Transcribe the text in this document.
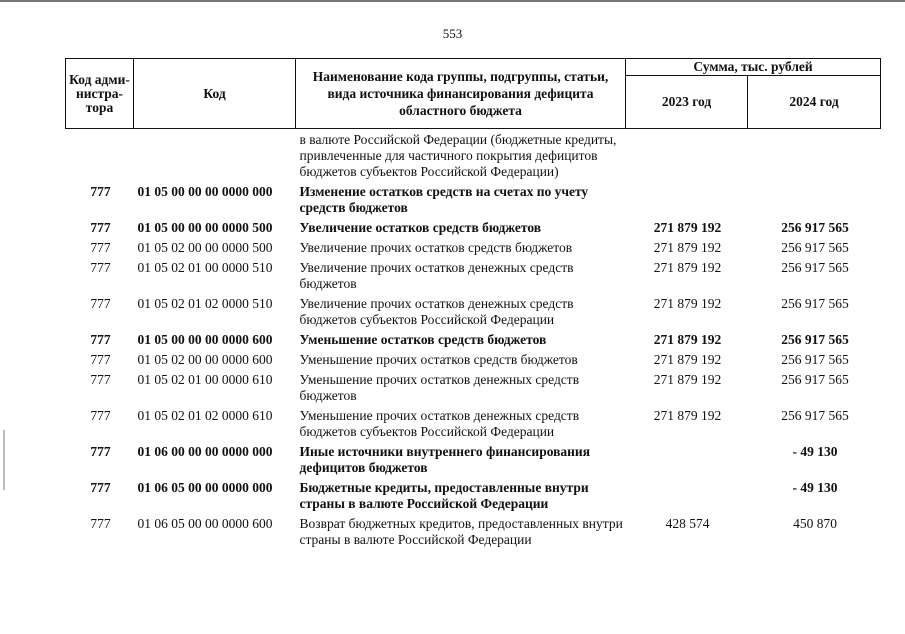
553
Код адми-нистра-тора	Код	Наименование кода группы, подгруппы, статьи, вида источника финансирования дефицита областного бюджета	Сумма, тыс. рублей	
			2023 год	2024 год
		в валюте Российской Федерации (бюджетные кредиты, привлеченные для частичного покрытия дефицитов бюджетов субъектов Российской Федерации)		
777	01 05 00 00 00 0000 000	Изменение остатков средств на счетах по учету средств бюджетов		
777	01 05 00 00 00 0000 500	Увеличение остатков средств бюджетов	271 879 192	256 917 565
777	01 05 02 00 00 0000 500	Увеличение прочих остатков средств бюджетов	271 879 192	256 917 565
777	01 05 02 01 00 0000 510	Увеличение прочих остатков денежных средств бюджетов	271 879 192	256 917 565
777	01 05 02 01 02 0000 510	Увеличение прочих остатков денежных средств бюджетов субъектов Российской Федерации	271 879 192	256 917 565
777	01 05 00 00 00 0000 600	Уменьшение остатков средств бюджетов	271 879 192	256 917 565
777	01 05 02 00 00 0000 600	Уменьшение прочих остатков средств бюджетов	271 879 192	256 917 565
777	01 05 02 01 00 0000 610	Уменьшение прочих остатков денежных средств бюджетов	271 879 192	256 917 565
777	01 05 02 01 02 0000 610	Уменьшение прочих остатков денежных средств бюджетов субъектов Российской Федерации	271 879 192	256 917 565
777	01 06 00 00 00 0000 000	Иные источники внутреннего финансирования дефицитов бюджетов		- 49 130
777	01 06 05 00 00 0000 000	Бюджетные кредиты, предоставленные внутри страны в валюте Российской Федерации		- 49 130
777	01 06 05 00 00 0000 600	Возврат бюджетных кредитов, предоставленных внутри страны в валюте Российской Федерации	428 574	450 870
